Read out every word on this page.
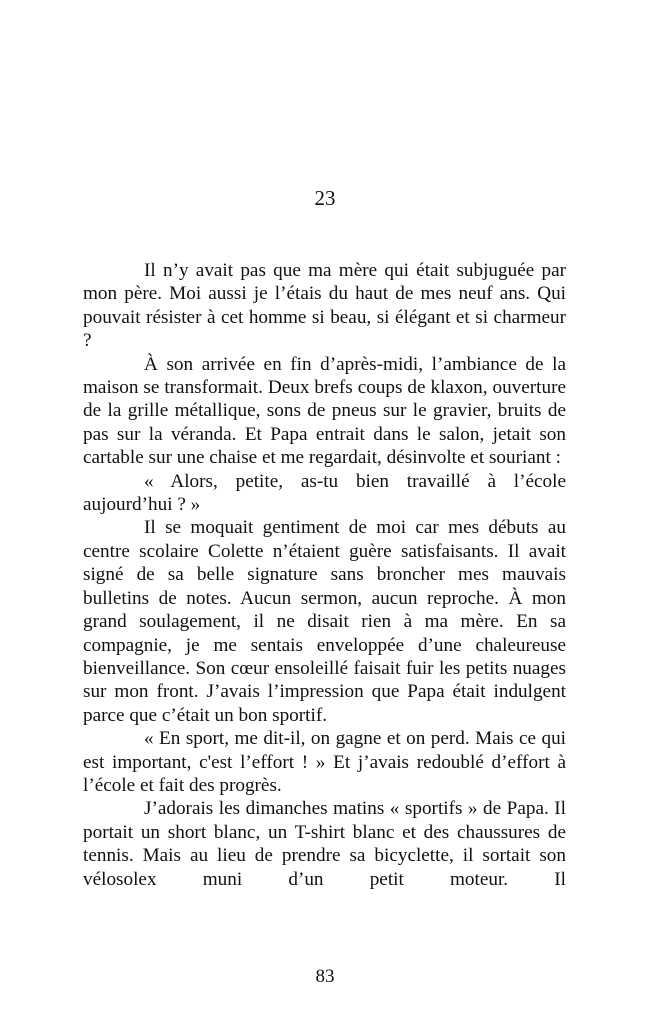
23

Il n’y avait pas que ma mère qui était subjuguée par mon père. Moi aussi je l’étais du haut de mes neuf ans. Qui pouvait résister à cet homme si beau, si élégant et si charmeur ?

À son arrivée en fin d’après-midi, l’ambiance de la maison se transformait. Deux brefs coups de klaxon, ouverture de la grille métallique, sons de pneus sur le gravier, bruits de pas sur la véranda. Et Papa entrait dans le salon, jetait son cartable sur une chaise et me regardait, désinvolte et souriant :

« Alors, petite, as-tu bien travaillé à l’école aujourd’hui ? »

Il se moquait gentiment de moi car mes débuts au centre scolaire Colette n’étaient guère satisfaisants. Il avait signé de sa belle signature sans broncher mes mauvais bulletins de notes. Aucun sermon, aucun reproche. À mon grand soulagement, il ne disait rien à ma mère. En sa compagnie, je me sentais enveloppée d’une chaleureuse bienveillance. Son cœur ensoleillé faisait fuir les petits nuages sur mon front. J’avais l’impression que Papa était indulgent parce que c’était un bon sportif.

« En sport, me dit-il, on gagne et on perd. Mais ce qui est important, c'est l’effort ! » Et j’avais redoublé d’effort à l’école et fait des progrès.

J’adorais les dimanches matins « sportifs » de Papa. Il portait un short blanc, un T-shirt blanc et des chaussures de tennis. Mais au lieu de prendre sa bicyclette, il sortait son vélosolex muni d’un petit moteur. Il

83
